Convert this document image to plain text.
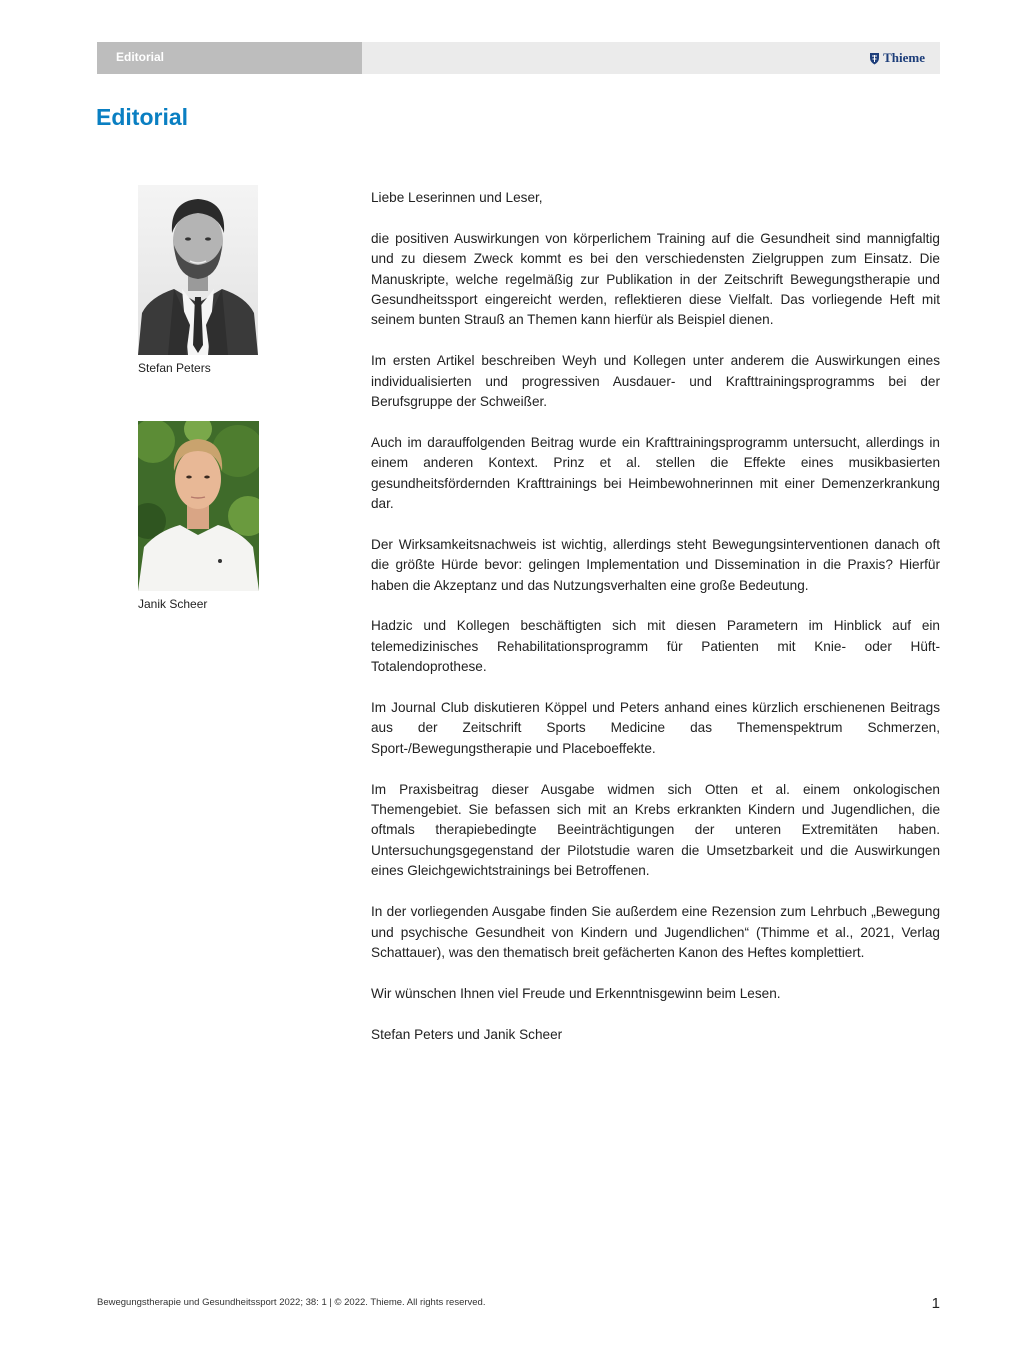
Editorial	Thieme
Editorial
Stefan Peters
Janik Scheer

Liebe Leserinnen und Leser,

die positiven Auswirkungen von körperlichem Training auf die Gesundheit sind mannigfaltig und zu diesem Zweck kommt es bei den verschiedensten Zielgruppen zum Einsatz. Die Manuskripte, welche regelmäßig zur Publikation in der Zeitschrift Bewegungstherapie und Gesundheitssport eingereicht werden, reflektieren diese Vielfalt. Das vorliegende Heft mit seinem bunten Strauß an Themen kann hierfür als Beispiel dienen.

Im ersten Artikel beschreiben Weyh und Kollegen unter anderem die Auswirkungen eines individualisierten und progressiven Ausdauer- und Krafttrainingsprogramms bei der Berufsgruppe der Schweißer.

Auch im darauffolgenden Beitrag wurde ein Krafttrainingsprogramm untersucht, allerdings in einem anderen Kontext. Prinz et al. stellen die Effekte eines musikbasierten gesundheitsfördernden Krafttrainings bei Heimbewohnerinnen mit einer Demenzerkrankung dar.

Der Wirksamkeitsnachweis ist wichtig, allerdings steht Bewegungsinterventionen danach oft die größte Hürde bevor: gelingen Implementation und Dissemination in die Praxis? Hierfür haben die Akzeptanz und das Nutzungsverhalten eine große Bedeutung.

Hadzic und Kollegen beschäftigten sich mit diesen Parametern im Hinblick auf ein telemedizinisches Rehabilitationsprogramm für Patienten mit Knie- oder Hüft-Totalendoprothese.

Im Journal Club diskutieren Köppel und Peters anhand eines kürzlich erschienenen Beitrags aus der Zeitschrift Sports Medicine das Themenspektrum Schmerzen, Sport-/Bewegungstherapie und Placeboeffekte.

Im Praxisbeitrag dieser Ausgabe widmen sich Otten et al. einem onkologischen Themengebiet. Sie befassen sich mit an Krebs erkrankten Kindern und Jugendlichen, die oftmals therapiebedingte Beeinträchtigungen der unteren Extremitäten haben. Untersuchungsgegenstand der Pilotstudie waren die Umsetzbarkeit und die Auswirkungen eines Gleichgewichtstrainings bei Betroffenen.

In der vorliegenden Ausgabe finden Sie außerdem eine Rezension zum Lehrbuch „Bewegung und psychische Gesundheit von Kindern und Jugendlichen“ (Thimme et al., 2021, Verlag Schattauer), was den thematisch breit gefächerten Kanon des Heftes komplettiert.

Wir wünschen Ihnen viel Freude und Erkenntnisgewinn beim Lesen.

Stefan Peters und Janik Scheer

Bewegungstherapie und Gesundheitssport 2022; 38: 1 | © 2022. Thieme. All rights reserved.	1
